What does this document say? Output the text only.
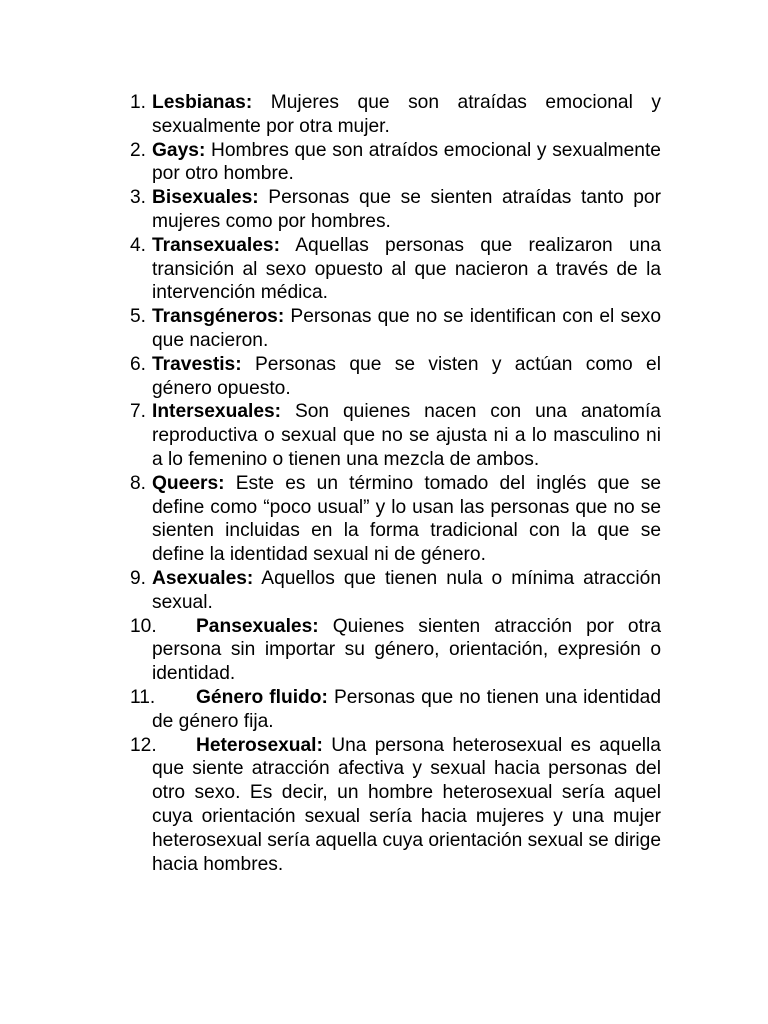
1. Lesbianas: Mujeres que son atraídas emocional y sexualmente por otra mujer.
2. Gays: Hombres que son atraídos emocional y sexualmente por otro hombre.
3. Bisexuales: Personas que se sienten atraídas tanto por mujeres como por hombres.
4. Transexuales: Aquellas personas que realizaron una transición al sexo opuesto al que nacieron a través de la intervención médica.
5. Transgéneros: Personas que no se identifican con el sexo que nacieron.
6. Travestis: Personas que se visten y actúan como el género opuesto.
7. Intersexuales: Son quienes nacen con una anatomía reproductiva o sexual que no se ajusta ni a lo masculino ni a lo femenino o tienen una mezcla de ambos.
8. Queers: Este es un término tomado del inglés que se define como “poco usual” y lo usan las personas que no se sienten incluidas en la forma tradicional con la que se define la identidad sexual ni de género.
9. Asexuales: Aquellos que tienen nula o mínima atracción sexual.
10. Pansexuales: Quienes sienten atracción por otra persona sin importar su género, orientación, expresión o identidad.
11. Género fluido: Personas que no tienen una identidad de género fija.
12. Heterosexual: Una persona heterosexual es aquella que siente atracción afectiva y sexual hacia personas del otro sexo. Es decir, un hombre heterosexual sería aquel cuya orientación sexual sería hacia mujeres y una mujer heterosexual sería aquella cuya orientación sexual se dirige hacia hombres.
